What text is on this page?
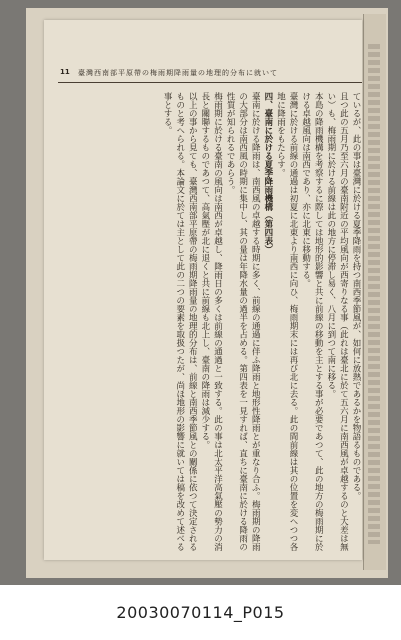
11 臺灣西南部平原帶の梅雨期降雨量の地理的分布に就いて

ているが、此の事は臺灣に於ける夏季降雨を持つ南西季節風が、如何に放熱であるかを物語るものである。

且つ此の五月乃至六月の臺南附近の平均風向が西寄りなる事（此れは臺北に於て五六月に南西風が卓越するのと大差は無い）も、梅雨期に於ける前線は此の地方に停滞し易く、八月に到つて南に移る。

本島の降雨機構を考察するに際しては地形的影響と共に前線の移動を主とする事が必要であつて、此の地方の梅雨期に於ける卓越風向は南西であり、亦に北東に移動する。

臺灣に於ける前線の通過は初夏に北東より南西に向ひ、梅雨期末には再び北に去る。此の間前線は其の位置を変へつつ各地に降雨をもたらす。

四、臺南に於ける夏季降雨機構（第四表）

臺南に於ける降雨は、南西風の卓越する時期に多く、前線の通過に伴ふ降雨と地形性降雨とが重なり合ふ。梅雨期の降雨の大部分は南西風の時期に集中し、其の量は年降水量の過半を占める。第四表を一見すれば、直ちに臺南に於ける降雨の性質が知られるであらう。

梅雨期に於ける臺南の風向は南西が卓越し、降雨日の多くは前線の通過と一致する。此の事は北太平洋高氣壓の勢力の消長と關聯するものであつて、高氣壓が北に退くと共に前線も北上し、臺南の降雨は減少する。

以上の事から見ても、臺灣西南部平原帶の梅雨期降雨量の地理的分布は、前線と南西季節風との關係に依つて決定されるものと考へられる。本論文に於ては主として此の二つの要素を取扱つたが、尚ほ地形の影響に就いては稿を改めて述べる事とする。

20030070114_P015
